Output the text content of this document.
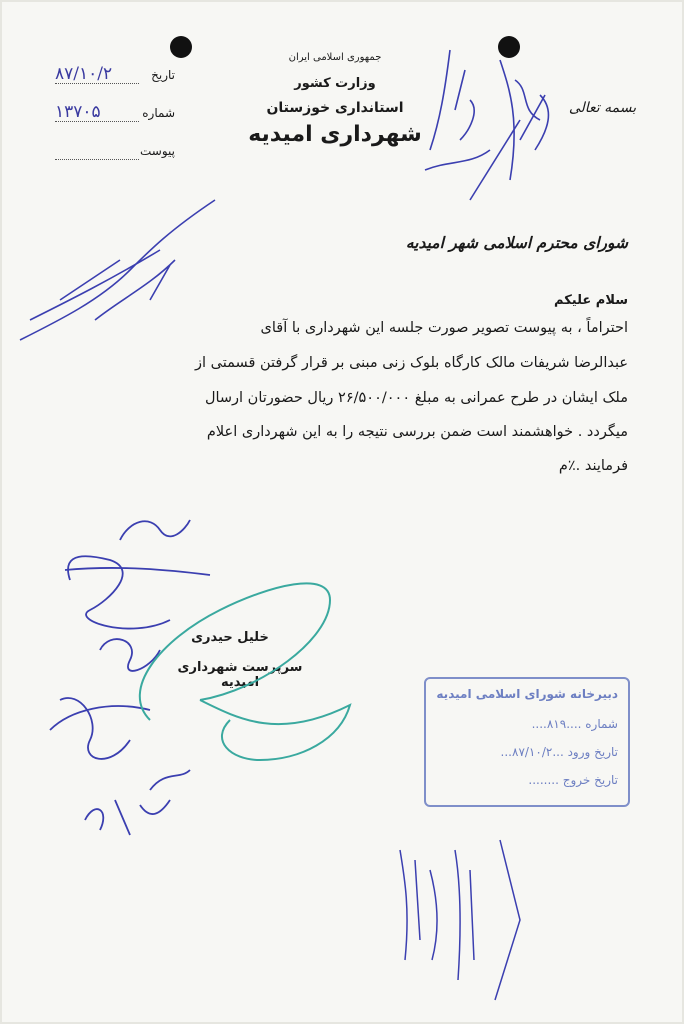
جمهوری اسلامی ایران
وزارت کشور
استانداری خوزستان
شهرداری امیدیه
بسمه تعالی
تاریخ
۸۷/۱۰/۲
شماره
۱۳۷۰۵
پیوست
شورای محترم اسلامی شهر امیدیه
سلام علیکم
احتراماً ، به پیوست تصویر صورت جلسه این شهرداری با آقای
عبدالرضا شریفات مالک کارگاه بلوک زنی مبنی بر قرار گرفتن قسمتی از
ملک ایشان در طرح عمرانی به مبلغ ۲۶/۵۰۰/۰۰۰ ریال حضورتان ارسال
میگردد . خواهشمند است ضمن بررسی نتیجه را به این شهرداری اعلام
فرمایند .٪م
خلیل حیدری
سرپرست شهرداری امیدیه
دبیرخانه شورای اسلامی امیدیه
شماره ....۸۱۹....
تاریخ ورود ...۸۷/۱۰/۲...
تاریخ خروج ........
